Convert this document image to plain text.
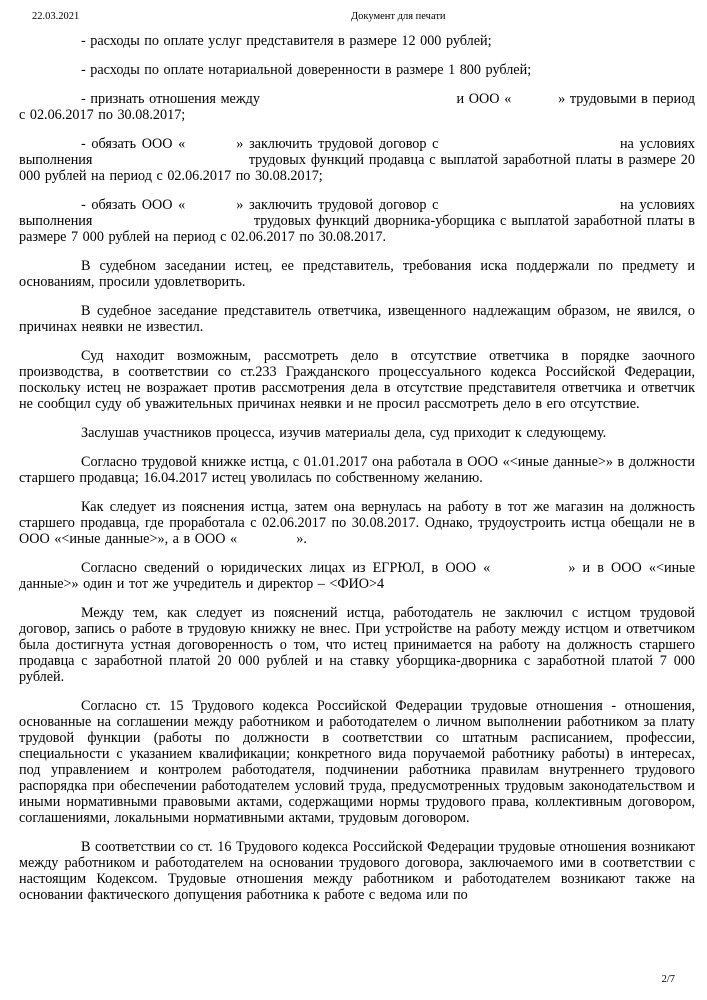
22.03.2021	Документ для печати

- расходы по оплате услуг представителя в размере 12 000 рублей;

- расходы по оплате нотариальной доверенности в размере 1 800 рублей;

- признать отношения между                                          и ООО «          » трудовыми в период с 02.06.2017 по 30.08.2017;

- обязать ООО «         » заключить трудовой договор с                                на условиях выполнения                                трудовых функций продавца с выплатой заработной платы в размере 20 000 рублей на период с 02.06.2017 по 30.08.2017;

- обязать ООО «         » заключить трудовой договор с                                на условиях выполнения                                трудовых функций дворника-уборщика с выплатой заработной платы в размере 7 000 рублей на период с 02.06.2017 по 30.08.2017.

В судебном заседании истец, ее представитель, требования иска поддержали по предмету и основаниям, просили удовлетворить.

В судебное заседание представитель ответчика, извещенного надлежащим образом, не явился, о причинах неявки не известил.

Суд находит возможным, рассмотреть дело в отсутствие ответчика в порядке заочного производства, в соответствии со ст.233 Гражданского процессуального кодекса Российской Федерации, поскольку истец не возражает против рассмотрения дела в отсутствие представителя ответчика и ответчик не сообщил суду об уважительных причинах неявки и не просил рассмотреть дело в его отсутствие.

Заслушав участников процесса, изучив материалы дела, суд приходит к следующему.

Согласно трудовой книжке истца, с 01.01.2017 она работала в ООО «<иные данные>» в должности старшего продавца; 16.04.2017 истец уволилась по собственному желанию.

Как следует из пояснения истца, затем она вернулась на работу в тот же магазин на должность старшего продавца, где проработала с 02.06.2017 по 30.08.2017. Однако, трудоустроить истца обещали не в ООО «<иные данные>», а в ООО «             ».

Согласно сведений о юридических лицах из ЕГРЮЛ, в ООО «           » и в ООО «<иные данные>» один и тот же учредитель и директор – <ФИО>4

Между тем, как следует из пояснений истца, работодатель не заключил с истцом трудовой договор, запись о работе в трудовую книжку не внес. При устройстве на работу между истцом и ответчиком была достигнута устная договоренность о том, что истец принимается на работу на должность старшего продавца с заработной платой 20 000 рублей и на ставку уборщика-дворника с заработной платой 7 000 рублей.

Согласно ст. 15 Трудового кодекса Российской Федерации трудовые отношения - отношения, основанные на соглашении между работником и работодателем о личном выполнении работником за плату трудовой функции (работы по должности в соответствии со штатным расписанием, профессии, специальности с указанием квалификации; конкретного вида поручаемой работнику работы) в интересах, под управлением и контролем работодателя, подчинении работника правилам внутреннего трудового распорядка при обеспечении работодателем условий труда, предусмотренных трудовым законодательством и иными нормативными правовыми актами, содержащими нормы трудового права, коллективным договором, соглашениями, локальными нормативными актами, трудовым договором.

В соответствии со ст. 16 Трудового кодекса Российской Федерации трудовые отношения возникают между работником и работодателем на основании трудового договора, заключаемого ими в соответствии с настоящим Кодексом. Трудовые отношения между работником и работодателем возникают также на основании фактического допущения работника к работе с ведома или по

2/7
